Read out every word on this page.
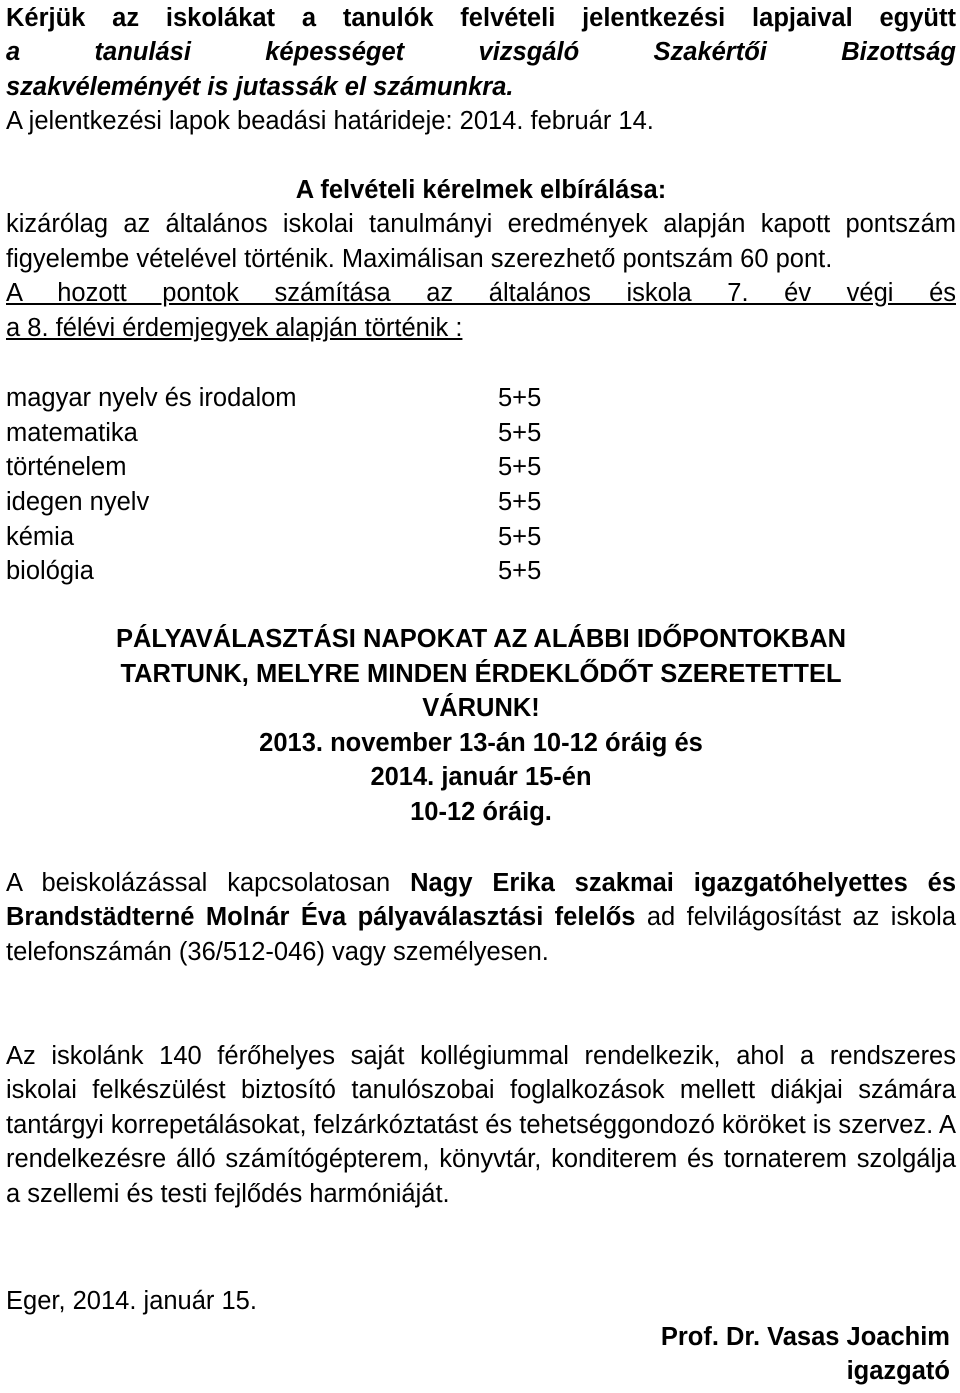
Kérjük az iskolákat a tanulók felvételi jelentkezési lapjaival együtt
a tanulási képességet vizsgáló Szakértői Bizottság
szakvéleményét is jutassák el számunkra.
A jelentkezési lapok beadási határideje: 2014. február 14.
A felvételi kérelmek elbírálása:
kizárólag az általános iskolai tanulmányi eredmények alapján kapott pontszám figyelembe vételével történik. Maximálisan szerezhető pontszám 60 pont.
A hozott pontok számítása az általános iskola 7. év végi és
a 8. félévi érdemjegyek alapján történik :
magyar nyelv és irodalom	5+5
matematika	5+5
történelem	5+5
idegen nyelv	5+5
kémia	5+5
biológia	5+5
PÁLYAVÁLASZTÁSI NAPOKAT AZ ALÁBBI IDŐPONTOKBAN
TARTUNK, MELYRE MINDEN ÉRDEKLŐDŐT SZERETETTEL
VÁRUNK!
2013. november 13-án 10-12 óráig és
2014. január 15-én
10-12 óráig.
A beiskolázással kapcsolatosan Nagy Erika szakmai igazgatóhelyettes és Brandstädterné Molnár Éva pályaválasztási felelős ad felvilágosítást az iskola telefonszámán (36/512-046) vagy személyesen.
Az iskolánk 140 férőhelyes saját kollégiummal rendelkezik, ahol a rendszeres iskolai felkészülést biztosító tanulószobai foglalkozások mellett diákjai számára tantárgyi korrepetálásokat, felzárkóztatást és tehetséggondozó köröket is szervez. A rendelkezésre álló számítógépterem, könyvtár, konditerem és tornaterem szolgálja a szellemi és testi fejlődés harmóniáját.
Eger, 2014. január 15.
Prof. Dr. Vasas Joachim
igazgató
